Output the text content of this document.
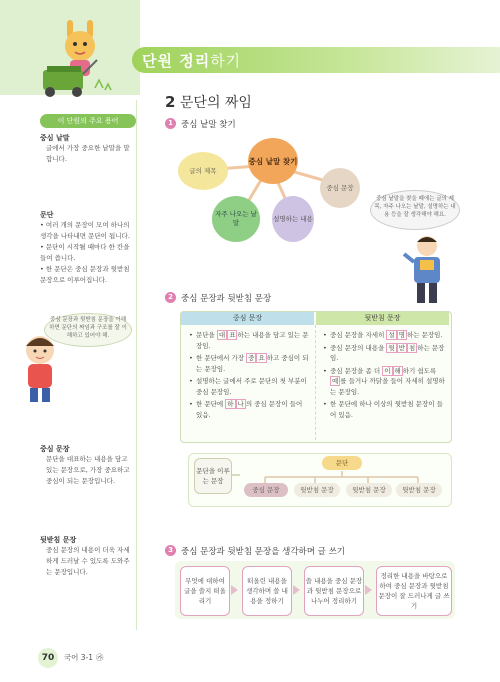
단원 정리하기
이 단원의 주요 용어
중심 낱말
글에서 가장 중요한 낱말을 말합니다.
문단
• 여러 개의 문장이 모여 하나의 생각을 나타내면 문단이 됩니다.
• 문단이 시작될 때마다 한 칸을 들여 씁니다.
• 한 문단은 중심 문장과 뒷받침 문장으로 이루어집니다.
중심 문장과 뒷받침 문장을 이해하면 문단의 짜임과 구조를 잘 이해하고 있어야 해.
중심 문장
문단을 대표하는 내용을 담고 있는 문장으로, 가장 중요하고 중심이 되는 문장입니다.
뒷받침 문장
중심 문장의 내용이 더욱 자세하게 드러날 수 있도록 도와주는 문장입니다.
2 문단의 짜임
1 중심 낱말 찾기
중심 낱말 찾기
글의 제목
자주 나오는 낱말
설명하는 내용
중심 문장
중심 낱말을 찾을 때에는 글의 제목, 자주 나오는 낱말, 설명하는 내용 등을 잘 생각해야 해요.
2 중심 문장과 뒷받침 문장
중심 문장	뒷받침 문장
• 문단을 대 표 하는 내용을 담고 있는 문장임.
• 한 문단에서 가장 중 요 하고 중심이 되는 문장임.
• 설명하는 글에서 주로 문단의 첫 부분이 중심 문장임.
• 한 문단에 하 나 의 중심 문장이 들어 있음.
• 중심 문장을 자세히 설 명 하는 문장임.
• 중심 문장의 내용을 뒷 받 침 하는 문장임.
• 중심 문장을 좀 더 이 해 하기 쉽도록 예 를 들거나 까닭을 들어 자세히 설명하는 문장임.
• 한 문단에 하나 이상의 뒷받침 문장이 들어 있음.
문단을 이루는 문장
문단
중심 문장	뒷받침 문장	뒷받침 문장	뒷받침 문장
3 중심 문장과 뒷받침 문장을 생각하며 글 쓰기
무엇에 대하여 글을 쓸지 떠올리기
떠올린 내용을 생각하며 쓸 내용을 정하기
쓸 내용을 중심 문장과 뒷받침 문장으로 나누어 정리하기
정리한 내용을 바탕으로 하여 중심 문장과 뒷받침 문장이 잘 드러나게 글 쓰기
70 국어 3-1 ㉮
